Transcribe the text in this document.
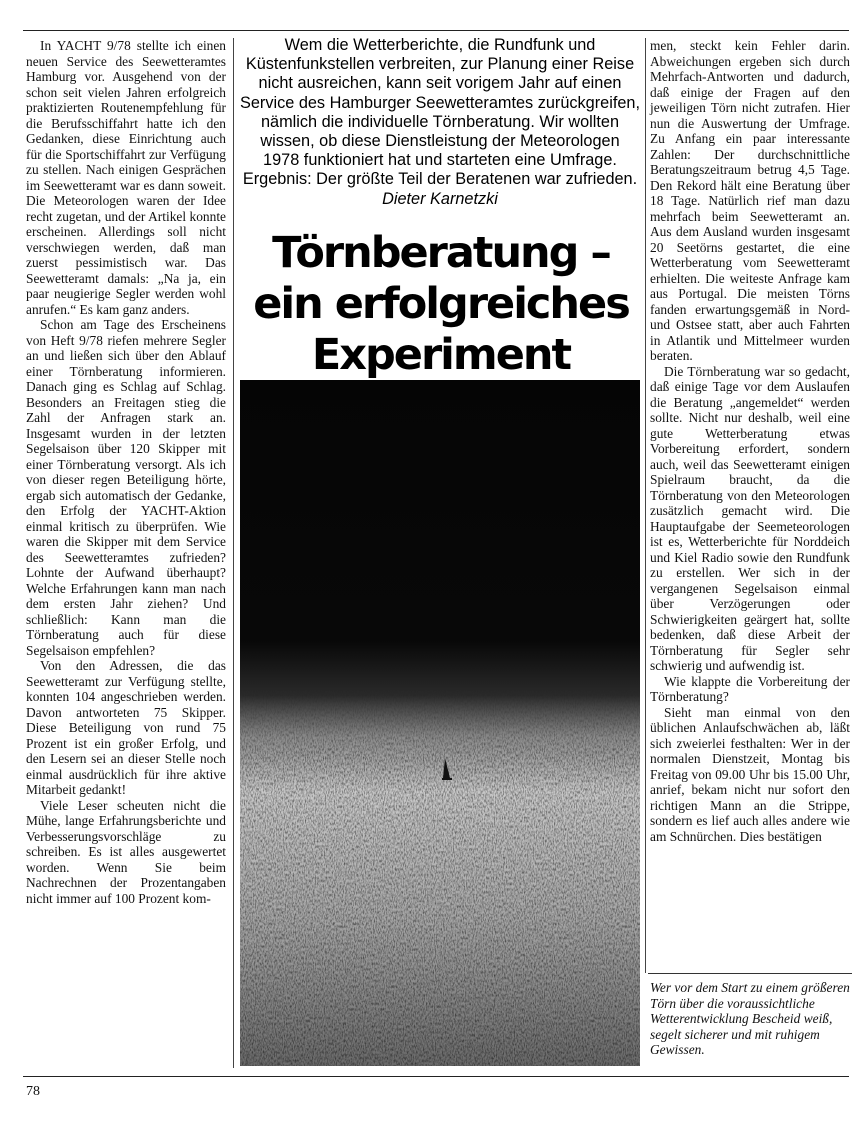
In YACHT 9/78 stellte ich einen neuen Service des Seewetteramtes Hamburg vor. Ausgehend von der schon seit vielen Jahren erfolgreich praktizierten Routenempfehlung für die Berufsschiffahrt hatte ich den Gedanken, diese Einrichtung auch für die Sportschiffahrt zur Verfügung zu stellen. Nach einigen Gesprächen im Seewetteramt war es dann soweit. Die Meteorologen waren der Idee recht zugetan, und der Artikel konnte erscheinen. Allerdings soll nicht verschwiegen werden, daß man zuerst pessimistisch war. Das Seewetteramt damals: „Na ja, ein paar neugierige Segler werden wohl anrufen.“ Es kam ganz anders.

Schon am Tage des Erscheinens von Heft 9/78 riefen mehrere Segler an und ließen sich über den Ablauf einer Törnberatung informieren. Danach ging es Schlag auf Schlag. Besonders an Freitagen stieg die Zahl der Anfragen stark an. Insgesamt wurden in der letzten Segelsaison über 120 Skipper mit einer Törnberatung versorgt. Als ich von dieser regen Beteiligung hörte, ergab sich automatisch der Gedanke, den Erfolg der YACHT-Aktion einmal kritisch zu überprüfen. Wie waren die Skipper mit dem Service des Seewetteramtes zufrieden? Lohnte der Aufwand überhaupt? Welche Erfahrungen kann man nach dem ersten Jahr ziehen? Und schließlich: Kann man die Törnberatung auch für diese Segelsaison empfehlen?

Von den Adressen, die das Seewetteramt zur Verfügung stellte, konnten 104 angeschrieben werden. Davon antworteten 75 Skipper. Diese Beteiligung von rund 75 Prozent ist ein großer Erfolg, und den Lesern sei an dieser Stelle noch einmal ausdrücklich für ihre aktive Mitarbeit gedankt!

Viele Leser scheuten nicht die Mühe, lange Erfahrungsberichte und Verbesserungsvorschläge zu schreiben. Es ist alles ausgewertet worden. Wenn Sie beim Nachrechnen der Prozentangaben nicht immer auf 100 Prozent kom-

Wem die Wetterberichte, die Rundfunk und Küstenfunkstellen verbreiten, zur Planung einer Reise nicht ausreichen, kann seit vorigem Jahr auf einen Service des Hamburger Seewetteramtes zurückgreifen, nämlich die individuelle Törnberatung. Wir wollten wissen, ob diese Dienstleistung der Meteorologen 1978 funktioniert hat und starteten eine Umfrage. Ergebnis: Der größte Teil der Beratenen war zufrieden.
Dieter Karnetzki
Törnberatung –
ein erfolgreiches
Experiment

men, steckt kein Fehler darin. Abweichungen ergeben sich durch Mehrfach-Antworten und dadurch, daß einige der Fragen auf den jeweiligen Törn nicht zutrafen. Hier nun die Auswertung der Umfrage. Zu Anfang ein paar interessante Zahlen: Der durchschnittliche Beratungszeitraum betrug 4,5 Tage. Den Rekord hält eine Beratung über 18 Tage. Natürlich rief man dazu mehrfach beim Seewetteramt an. Aus dem Ausland wurden insgesamt 20 Seetörns gestartet, die eine Wetterberatung vom Seewetteramt erhielten. Die weiteste Anfrage kam aus Portugal. Die meisten Törns fanden erwartungsgemäß in Nord- und Ostsee statt, aber auch Fahrten in Atlantik und Mittelmeer wurden beraten.

Die Törnberatung war so gedacht, daß einige Tage vor dem Auslaufen die Beratung „angemeldet“ werden sollte. Nicht nur deshalb, weil eine gute Wetterberatung etwas Vorbereitung erfordert, sondern auch, weil das Seewetteramt einigen Spielraum braucht, da die Törnberatung von den Meteorologen zusätzlich gemacht wird. Die Hauptaufgabe der Seemeteorologen ist es, Wetterberichte für Norddeich und Kiel Radio sowie den Rundfunk zu erstellen. Wer sich in der vergangenen Segelsaison einmal über Verzögerungen oder Schwierigkeiten geärgert hat, sollte bedenken, daß diese Arbeit der Törnberatung für Segler sehr schwierig und aufwendig ist.

Wie klappte die Vorbereitung der Törnberatung?

Sieht man einmal von den üblichen Anlaufschwächen ab, läßt sich zweierlei festhalten: Wer in der normalen Dienstzeit, Montag bis Freitag von 09.00 Uhr bis 15.00 Uhr, anrief, bekam nicht nur sofort den richtigen Mann an die Strippe, sondern es lief auch alles andere wie am Schnürchen. Dies bestätigen

Wer vor dem Start zu einem größeren Törn über die voraussichtliche Wetterentwicklung Bescheid weiß, segelt sicherer und mit ruhigem Gewissen.
78
